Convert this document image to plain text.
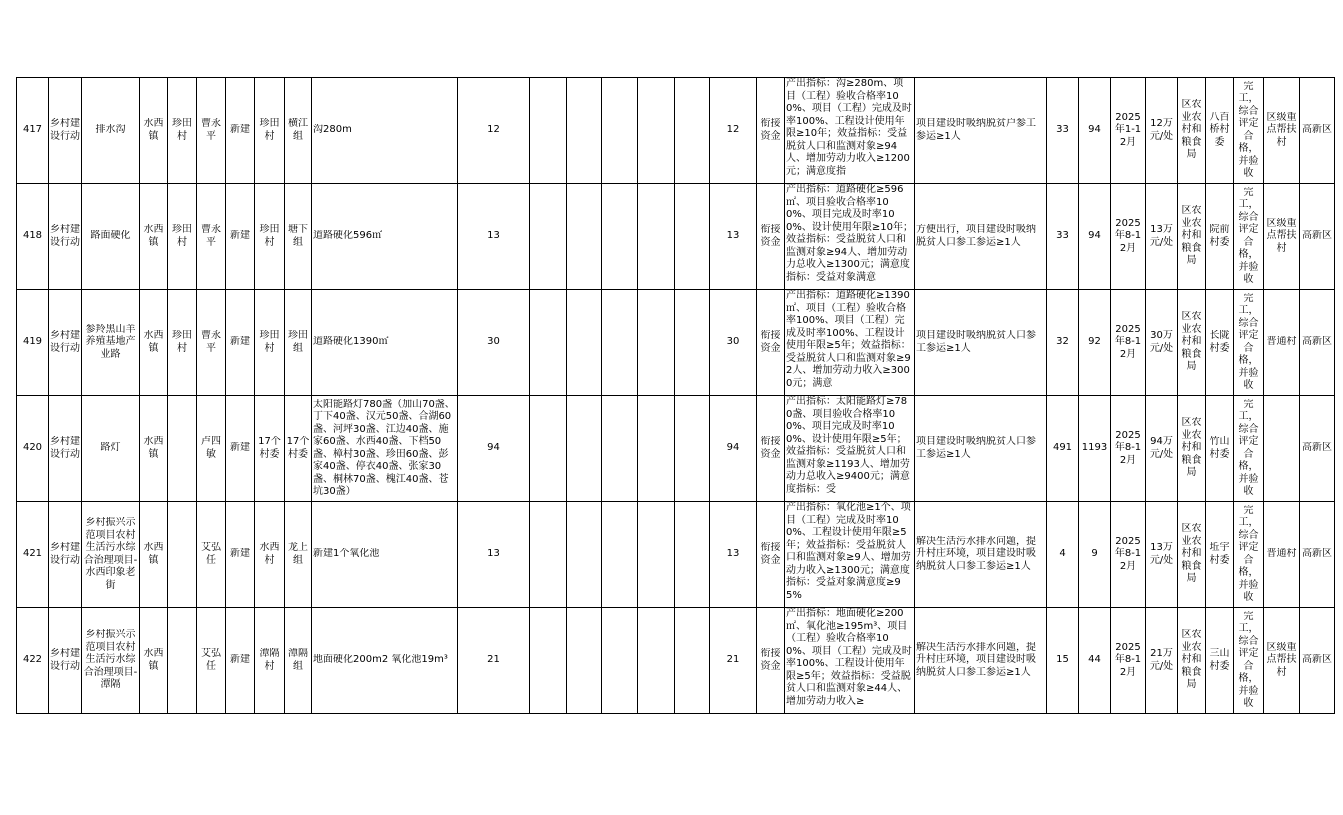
417	乡村建设行动	排水沟	水西镇	珍田村	曹永平	新建	珍田村	横江组	沟280m	12						12	衔接资金	产出指标：沟≥280m、项目（工程）验收合格率100%、项目（工程）完成及时率100%、工程设计使用年限≥10年；效益指标：受益脱贫人口和监测对象≥94人、增加劳动力收入≥1200元；满意度指	项目建设时吸纳脱贫户参工参运≥1人	33	94	2025年1-12月	12万元/处	区农业农村和粮食局	八百桥村委	完工，综合评定合格，并验收	区级重点帮扶村	高新区

418	乡村建设行动	路面硬化	水西镇	珍田村	曹永平	新建	珍田村	塘下组	道路硬化596㎡	13						13	衔接资金	产出指标：道路硬化≥596㎡、项目验收合格率100%、项目完成及时率100%、设计使用年限≥10年；效益指标：受益脱贫人口和监测对象≥94人、增加劳动力总收入≥1300元；满意度指标：受益对象满意	方便出行，项目建设时吸纳脱贫人口参工参运≥1人	33	94	2025年8-12月	13万元/处	区农业农村和粮食局	院前村委	完工，综合评定合格，并验收	区级重点帮扶村	高新区

419	乡村建设行动	参羚黑山羊养殖基地产业路	水西镇	珍田村	曹永平	新建	珍田村	珍田组	道路硬化1390㎡	30						30	衔接资金	产出指标：道路硬化≥1390㎡、项目（工程）验收合格率100%、项目（工程）完成及时率100%、工程设计使用年限≥5年；效益指标：受益脱贫人口和监测对象≥92人、增加劳动力收入≥3000元；满意	项目建设时吸纳脱贫人口参工参运≥1人	32	92	2025年8-12月	30万元/处	区农业农村和粮食局	长陇村委	完工，综合评定合格，并验收	普通村	高新区

420	乡村建设行动	路灯	水西镇		卢四敏	新建	17个村委	17个村委	太阳能路灯780盏（加山70盏、丁下40盏、汉元50盏、合湖60盏、河坪30盏、江边40盏、施家60盏、水西40盏、下档50盏、樟村30盏、珍田60盏、彭家40盏、停衣40盏、张家30盏、桐林70盏、槐江40盏、苍坑30盏）	94						94	衔接资金	产出指标：太阳能路灯≥780盏、项目验收合格率100%、项目完成及时率100%、设计使用年限≥5年；效益指标：受益脱贫人口和监测对象≥1193人、增加劳动力总收入≥9400元；满意度指标：受	项目建设时吸纳脱贫人口参工参运≥1人	491	1193	2025年8-12月	94万元/处	区农业农村和粮食局	竹山村委	完工，综合评定合格，并验收		高新区

421	乡村建设行动	乡村振兴示范项目农村生活污水综合治理项目-水西印象老街	水西镇		艾弘任	新建	水西村	龙上组	新建1个氧化池	13						13	衔接资金	产出指标：氧化池≥1个、项目（工程）完成及时率100%、工程设计使用年限≥5年；效益指标：受益脱贫人口和监测对象≥9人、增加劳动力收入≥1300元；满意度指标：受益对象满意度≥95%	解决生活污水排水问题，提升村庄环境，项目建设时吸纳脱贫人口参工参运≥1人	4	9	2025年8-12月	13万元/处	区农业农村和粮食局	坵宇村委	完工，综合评定合格，并验收	普通村	高新区

422	乡村建设行动	乡村振兴示范项目农村生活污水综合治理项目-潭隔	水西镇		艾弘任	新建	潭隔村	潭隔组	地面硬化200m2 氧化池19m³	21						21	衔接资金	产出指标：地面硬化≥200㎡、氧化池≥195m³、项目（工程）验收合格率100%、项目（工程）完成及时率100%、工程设计使用年限≥5年；效益指标：受益脱贫人口和监测对象≥44人、增加劳动力收入≥	解决生活污水排水问题，提升村庄环境，项目建设时吸纳脱贫人口参工参运≥1人	15	44	2025年8-12月	21万元/处	区农业农村和粮食局	三山村委	完工，综合评定合格，并验收	区级重点帮扶村	高新区
